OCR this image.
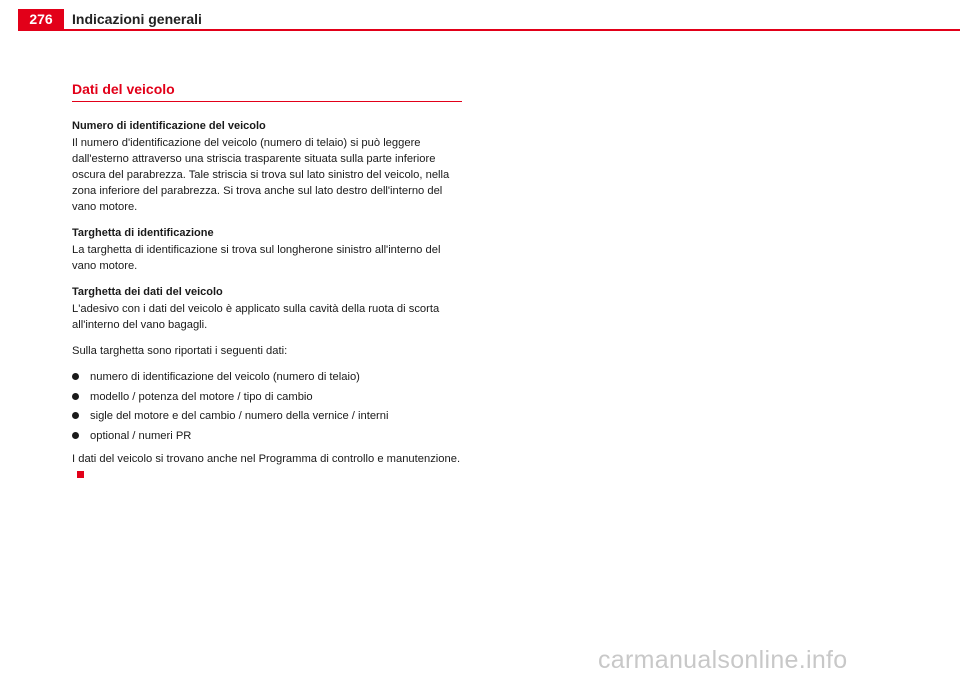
276	Indicazioni generali
Dati del veicolo
Numero di identificazione del veicolo

Il numero d'identificazione del veicolo (numero di telaio) si può leggere dall'esterno attraverso una striscia trasparente situata sulla parte inferiore oscura del parabrezza. Tale striscia si trova sul lato sinistro del veicolo, nella zona inferiore del parabrezza. Si trova anche sul lato destro dell'interno del vano motore.

Targhetta di identificazione

La targhetta di identificazione si trova sul longherone sinistro all'interno del vano motore.

Targhetta dei dati del veicolo

L'adesivo con i dati del veicolo è applicato sulla cavità della ruota di scorta all'interno del vano bagagli.

Sulla targhetta sono riportati i seguenti dati:

numero di identificazione del veicolo (numero di telaio)
modello / potenza del motore / tipo di cambio
sigle del motore e del cambio / numero della vernice / interni
optional / numeri PR

I dati del veicolo si trovano anche nel Programma di controllo e manutenzione.

carmanualsonline.info
